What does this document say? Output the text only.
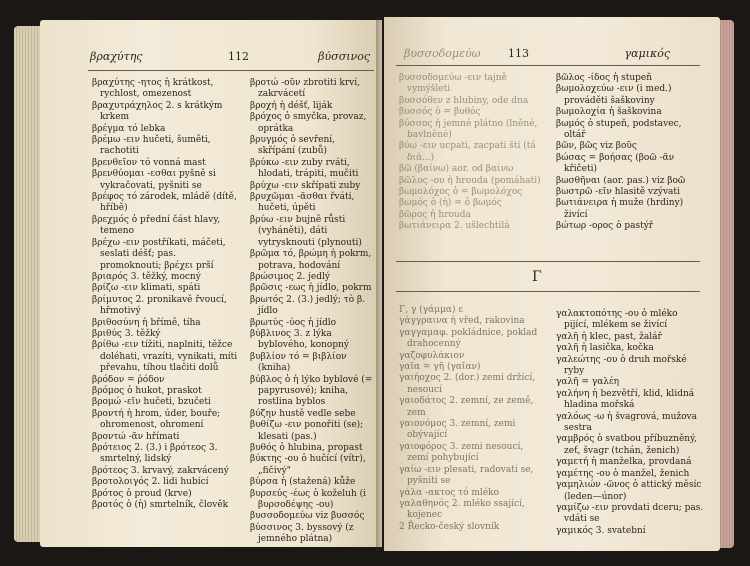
βραχύτης	112	βύσσινος

βραχύτης -ητος ἡ krátkost, rychlost, omezenost

βραχυτράχηλος 2. s krátkým krkem

βρέγμα τό lebka

βρέμω -ειν hučeti, šuměti, rachotiti

βρενθεῖον τό vonná mast

βρενθύομαι -εσθαι pyšně si vykračovati, pyšniti se

βρέφος τό zárodek, mládě (dítě, hříbě)

βρεχμός ὁ přední část hlavy, temeno

βρέχω -ειν postříkati, máčeti, seslati déšť; pas. promoknouti; βρέχει prší

βριαρός 3. těžký, mocný

βρίζω -ειν klimati, spáti

βρίμυτος 2. pronikavě řvoucí, hřmotivý

βριθοσύνη ἡ břímě, tíha

βριθύς 3. těžký

βρίθω -ειν tížiti, naplniti, těžce doléhati, vrazíti, vynikati, míti převahu, tíhou tlačiti dolů

βρόδον = ῥόδον

βρόμος ὁ hukot, praskot

βρομώ -εῖν hučeti, bzučeti

βροντή ἡ hrom, úder, bouře; ohromenost, ohromení

βροντώ -ᾶν hřímati

βρότειος 2. (3.) i βρότεος 3. smrtelný, lidský

βρότεος 3. krvavý, zakrvácený

βροτολοιγός 2. lidi hubící

βρότος ὁ proud (krve)

βροτός ὁ (ἡ) smrtelník, člověk

βροτώ -οῦν zbrotiti krví, zakrvácetí

βροχή ἡ déšť, liják

βρόχος ὁ smyčka, provaz, oprátka

βρυγμός ὁ sevření, skřípání (zubů)

βρύκω -ειν zuby rváti, hlodati, trápiti, mučiti

βρύχω -ειν skřípati zuby

βρυχῶμαι -ᾶσθαι řváti, hučeti, úpěti

βρύω -ειν bujně růsti (vyháněti), dáti vytrysknouti (plynouti)

βρῶμα τό, βρώμη ἡ pokrm, potrava, hodování

βρώσιμος 2. jedlý

βρῶσις -εως ἡ jídlo, pokrm

βρωτός 2. (3.) jedlý; τὸ β. jídlo

βρωτύς -ύος ἡ jídlo

βύβλινος 3. z lýka byblového, konopný

βυβλίον τό = βιβλίον (kniha)

βύβλος ὁ ἡ lýko byblové (= papyrusové); kniha, rostlina byblos

βύζην hustě vedle sebe

βυθίζω -ειν ponořiti (se); klesati (pas.)

βυθός ὁ hlubina, propast

βύκτης -ου ὁ hučící (vítr), „fičivý"

βύρσα ἡ (stažená) kůže

βυρσεύς -έως ὁ koželuh (i βυρσοδέψης -ου)

βυσσοδομεύω viz βυσσός

βύσσινος 3. byssový (z jemného plátna)

βυσσοδομεύω 113	γαμικός

βυσσοδομεύω -ειν tajně vymýšleti

βυσσόθεν z hlubiny, ode dna

βυσσός ὁ = βυθός

βύσσος ἡ jemné plátno (lněné, bavlněné)

βύω -ειν ucpati, zacpati ští (tá διά...)

βῶ (βαίνω) aor. od βαίνω

βῶλος -ου ἡ hrouda (pomáhati)

βωμολόχος ὁ = βωμολόχος

βωμός ὁ (ἡ) = ὁ βωμός

βῶρος ἡ hrouda

βωτιάνειρα 2. ušlechtilá

βῶλος -ίδος ἡ stupeň

βωμολοχεύω -ειν (i med.) prováděti šaškoviny

βωμολοχία ἡ šaškovina

βωμός ὁ stupeň, podstavec, oltář

βῶν, βῶς viz βοῦς

βώσας = βοήσας (βοῶ -ᾶν křičeti)

βωσθῆναι (aor. pas.) viz βοῶ

βωστρῶ -εῖν hlasitě vzývati

βωτιάνειρα ἡ muže (hrdiny) živící

βώτωρ -ορος ὁ pastýř

Γ

Γ, γ (γάμμα) ε

γάγγραινα ἡ vřed, rakovina

γαγγαμαφ. pokládnice, poklad drahocenný

γαζοφυλάκιον

γαῖα = γῆ (γαῖαν)

γαιήοχος 2. (dor.) zemi držící, nesoucí

γαιοδάτος 2. zemní, ze země, zem

γαιονόμος 3. zemní, zemi obývající

γαιοφόρος 3. zemi nesoucí, zemí pohybující

γαίω -ειν plesati, radovati se, pyšniti se

γάλα -ακτος τό mléko

γαλαθηνός 2. mléko ssající, kojenec

2 Řecko-český slovník

γαλακτοπότης -ου ὁ mléko pijící, mlékem se živící

γαλῆ ἡ klec, past, žalář

γαλῆ ἡ lasička, kočka

γαλεώτης -ου ὁ druh mořské ryby

γαλῆ = γαλέη

γαλήνη ἡ bezvětří, klid, klidná hladina mořská

γαλόως -ω ἡ švagrová, mužova sestra

γαμβρός ὁ svatbou příbuzněný, zeť, švagr (tchán, ženich)

γαμετή ἡ manželka, provdaná

γαμέτης -ου ὁ manžel, ženich

γαμηλιών -ῶνος ὁ attický měsíc (leden—únor)

γαμίζω -ειν provdati dceru; pas. vdáti se

γαμικός 3. svatební
